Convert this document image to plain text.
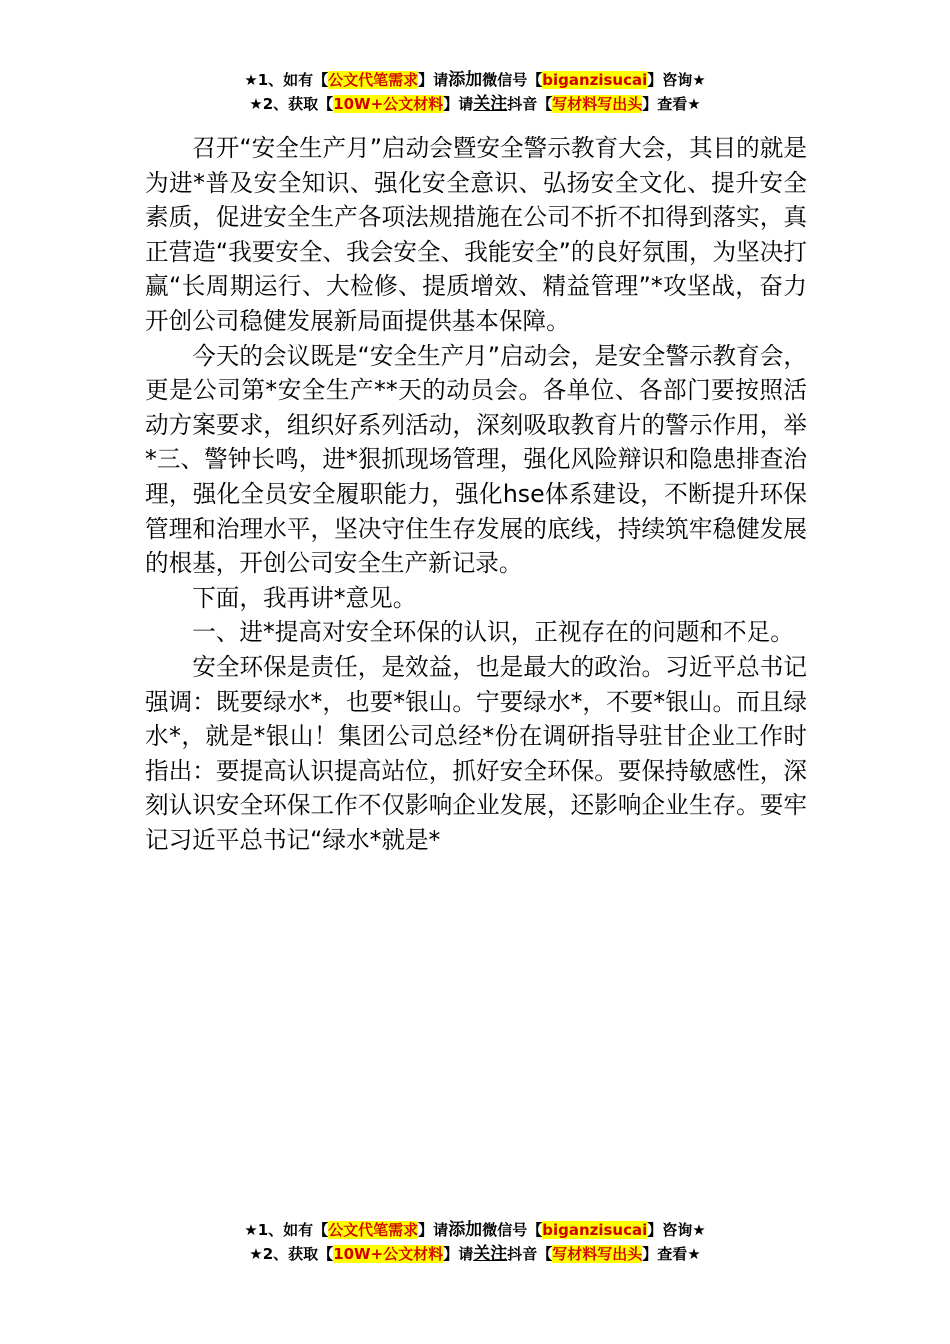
★1、如有【公文代笔需求】请添加微信号【biganzisucai】咨询★
★2、获取【10W+公文材料】请关注抖音【写材料写出头】查看★

召开“安全生产月”启动会暨安全警示教育大会，其目的就是为进*普及安全知识、强化安全意识、弘扬安全文化、提升安全素质，促进安全生产各项法规措施在公司不折不扣得到落实，真正营造“我要安全、我会安全、我能安全”的良好氛围，为坚决打赢“长周期运行、大检修、提质增效、精益管理”*攻坚战，奋力开创公司稳健发展新局面提供基本保障。

今天的会议既是“安全生产月”启动会，是安全警示教育会，更是公司第*安全生产**天的动员会。各单位、各部门要按照活动方案要求，组织好系列活动，深刻吸取教育片的警示作用，举*三、警钟长鸣，进*狠抓现场管理，强化风险辩识和隐患排查治理，强化全员安全履职能力，强化hse体系建设，不断提升环保管理和治理水平，坚决守住生存发展的底线，持续筑牢稳健发展的根基，开创公司安全生产新记录。

下面，我再讲*意见。

一、进*提高对安全环保的认识，正视存在的问题和不足。

安全环保是责任，是效益，也是最大的政治。习近平总书记强调：既要绿水*，也要*银山。宁要绿水*，不要*银山。而且绿水*，就是*银山！集团公司总经*份在调研指导驻甘企业工作时指出：要提高认识提高站位，抓好安全环保。要保持敏感性，深刻认识安全环保工作不仅影响企业发展，还影响企业生存。要牢记习近平总书记“绿水*就是*

★1、如有【公文代笔需求】请添加微信号【biganzisucai】咨询★
★2、获取【10W+公文材料】请关注抖音【写材料写出头】查看★
